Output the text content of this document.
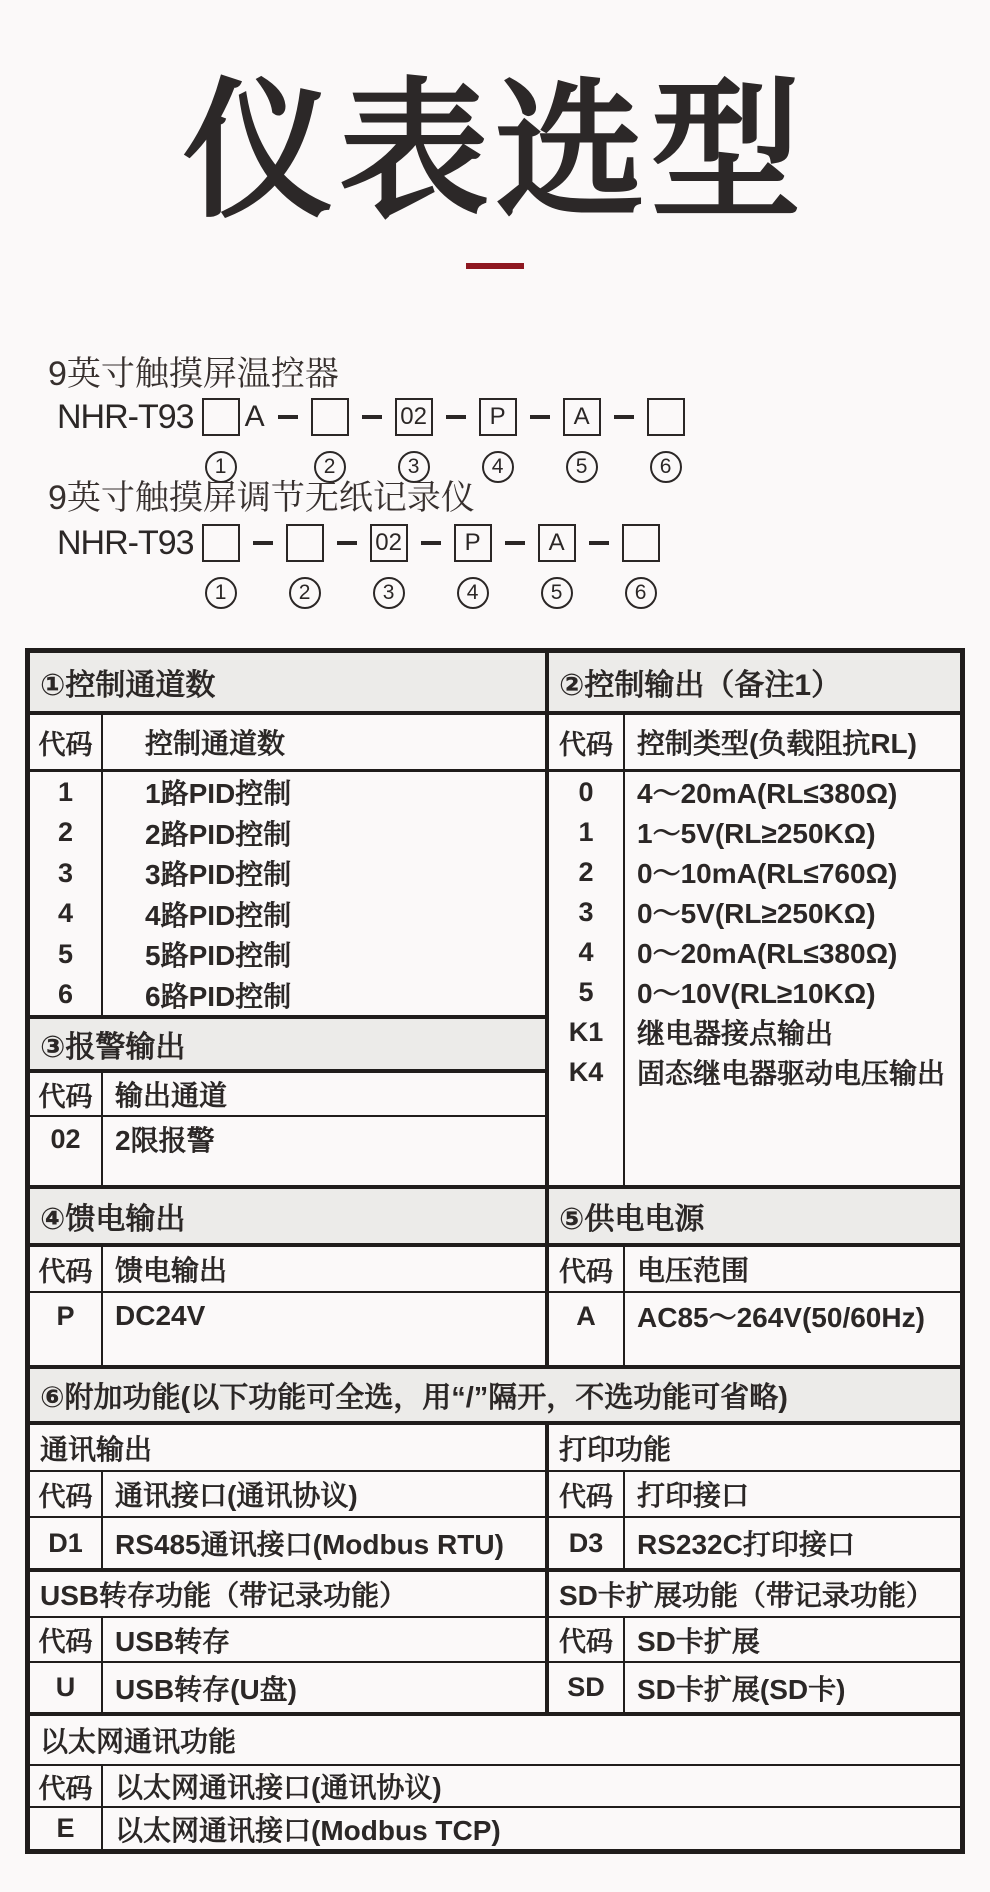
仪表选型
9英寸触摸屏温控器
NHR-T93
1
A
2
02
3
P
4
A
5	6
9英寸触摸屏调节无纸记录仪
NHR-T93
1	2
02
3
P
4
A
5	6
①控制通道数
代码	控制通道数
1	1路PID控制
2	2路PID控制
3	3路PID控制
4	4路PID控制
5	5路PID控制
6	6路PID控制
③报警输出
代码 输出通道
02	2限报警
②控制输出（备注1）
代码 控制类型(负载阻抗RL)
0	4～20mA(RL≤380Ω)
1	1～5V(RL≥250KΩ)
2	0～10mA(RL≤760Ω)
3	0～5V(RL≥250KΩ)
4	0～20mA(RL≤380Ω)
5	0～10V(RL≥10KΩ)
K1	继电器接点输出
K4	固态继电器驱动电压输出
④馈电输出
代码 馈电输出
P	DC24V
⑤供电电源
代码 电压范围
A	AC85～264V(50/60Hz)
⑥附加功能(以下功能可全选，用“/”隔开，不选功能可省略)
通讯输出
代码 通讯接口(通讯协议)
D1	RS485通讯接口(Modbus RTU)
打印功能
代码 打印接口
D3	RS232C打印接口
USB转存功能（带记录功能）
代码 USB转存
U	USB转存(U盘)
SD卡扩展功能（带记录功能）
代码 SD卡扩展
SD	SD卡扩展(SD卡)
以太网通讯功能
代码 以太网通讯接口(通讯协议)
E	以太网通讯接口(Modbus TCP)
